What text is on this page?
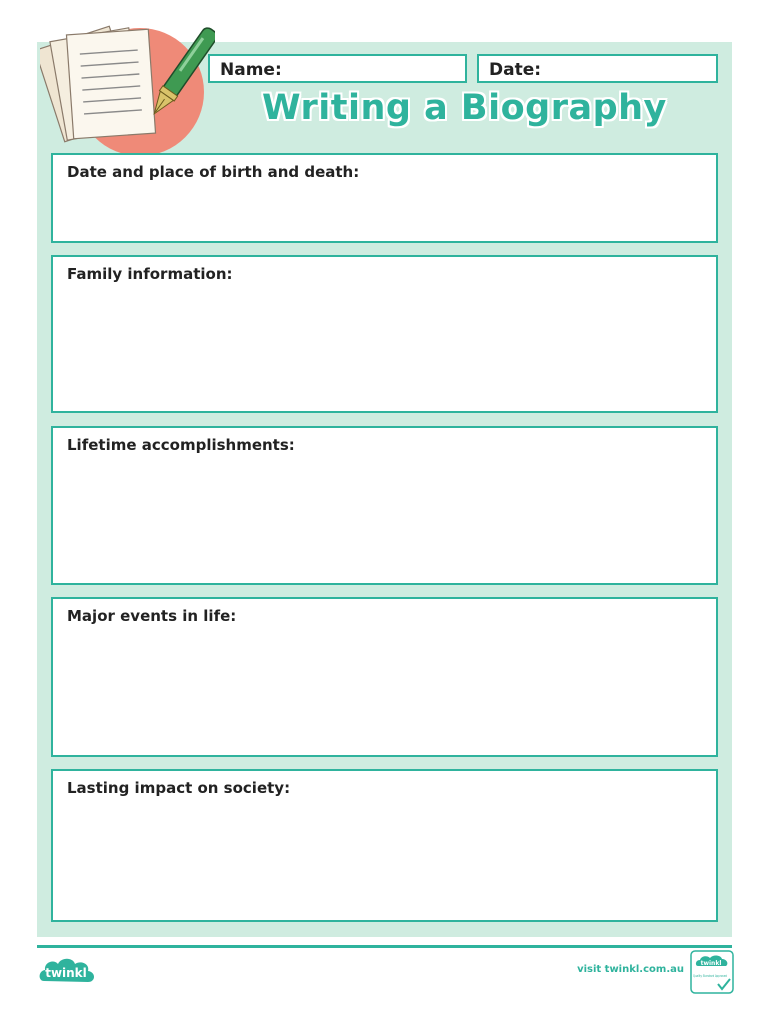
Name:	Date:
Writing a Biography
Date and place of birth and death:
Family information:
Lifetime accomplishments:
Major events in life:
Lasting impact on society:
twinkl	visit twinkl.com.au
twinkl
Quality Standard Approved
